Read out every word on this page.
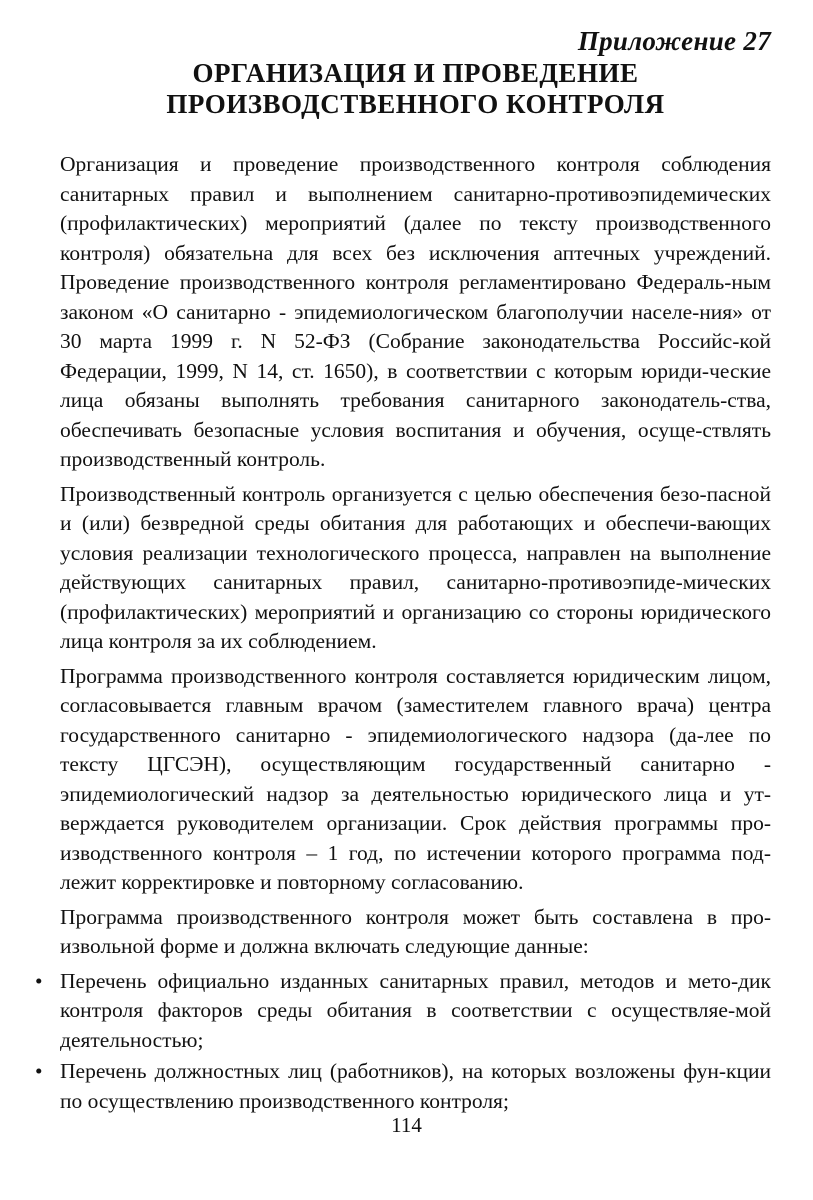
Приложение 27
ОРГАНИЗАЦИЯ И ПРОВЕДЕНИЕ
ПРОИЗВОДСТВЕННОГО КОНТРОЛЯ

Организация и проведение производственного контроля соблюдения санитарных правил и выполнением санитарно-противоэпидемических (профилактических) мероприятий (далее по тексту производственного контроля) обязательна для всех без исключения аптечных учреждений. Проведение производственного контроля регламентировано Федераль-ным законом «О санитарно - эпидемиологическом благополучии населе-ния» от 30 марта 1999 г. N 52-ФЗ (Собрание законодательства Российс-кой Федерации, 1999, N 14, ст. 1650), в соответствии с которым юриди-ческие лица обязаны выполнять требования санитарного законодатель-ства, обеспечивать безопасные условия воспитания и обучения, осуще-ствлять производственный контроль.

Производственный контроль организуется с целью обеспечения безо-пасной и (или) безвредной среды обитания для работающих и обеспечи-вающих условия реализации технологического процесса, направлен на выполнение действующих санитарных правил, санитарно-противоэпиде-мических (профилактических) мероприятий и организацию со стороны юридического лица контроля за их соблюдением.

Программа производственного контроля составляется юридическим лицом, согласовывается главным врачом (заместителем главного врача) центра государственного санитарно - эпидемиологического надзора (да-лее по тексту ЦГСЭН), осуществляющим государственный санитарно - эпидемиологический надзор за деятельностью юридического лица и ут-верждается руководителем организации. Срок действия программы про-изводственного контроля – 1 год, по истечении которого программа под-лежит корректировке и повторному согласованию.

Программа производственного контроля может быть составлена в про-извольной форме и должна включать следующие данные:

• Перечень официально изданных санитарных правил, методов и мето-дик контроля факторов среды обитания в соответствии с осуществляе-мой деятельностью;
• Перечень должностных лиц (работников), на которых возложены фун-кции по осуществлению производственного контроля;
114
